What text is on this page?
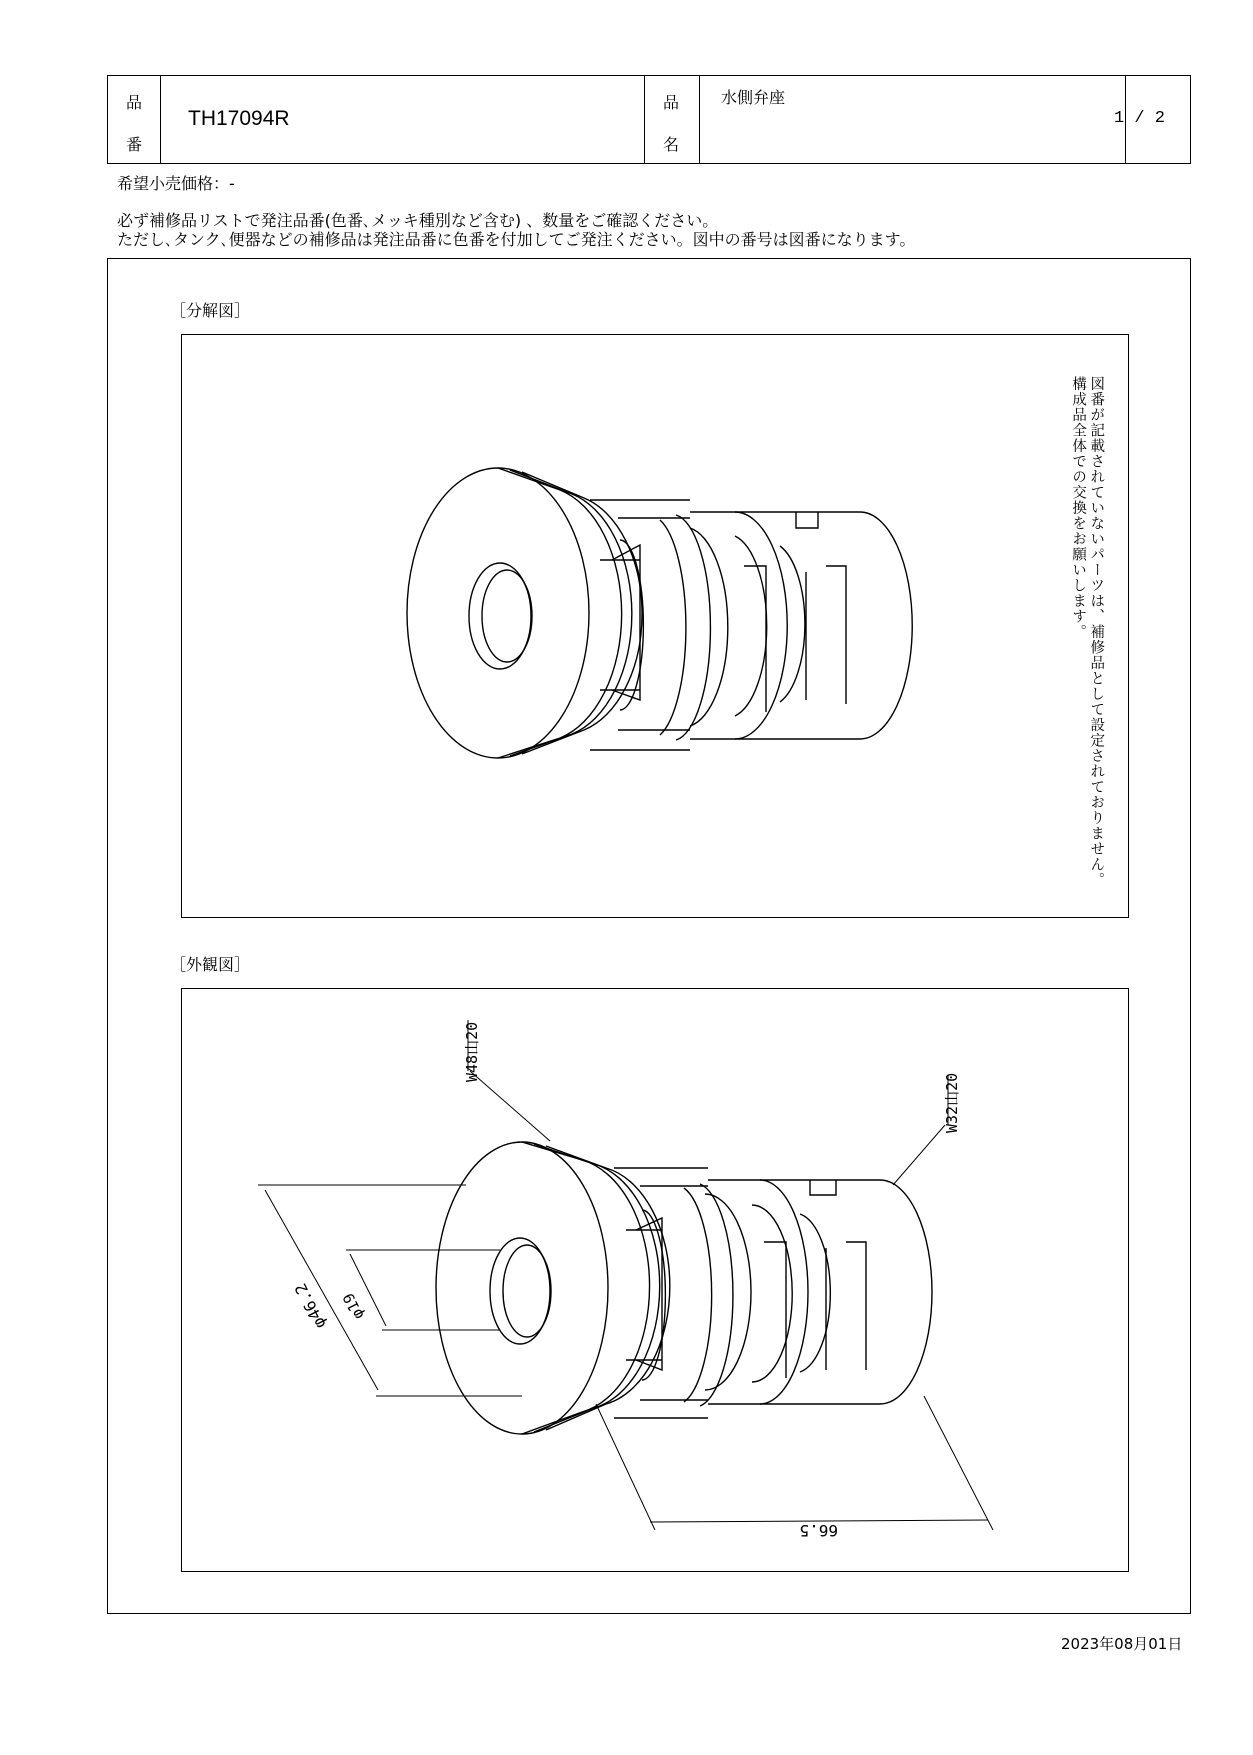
品
番
TH17094R
品
名
水側弁座
1 / 2
希望小売価格：-
必ず補修品リストで発注品番(色番､メッキ種別など含む) 、数量をご確認ください。
ただし､タンク､便器などの補修品は発注品番に色番を付加してご発注ください。図中の番号は図番になります。
［分解図］
図番が記載されていないパーツは、補修品として設定されておりません。
構成品全体での交換をお願いします。
［外観図］
W48山20
W32山20
φ46.2 φ19
66.5
2023年08月01日
